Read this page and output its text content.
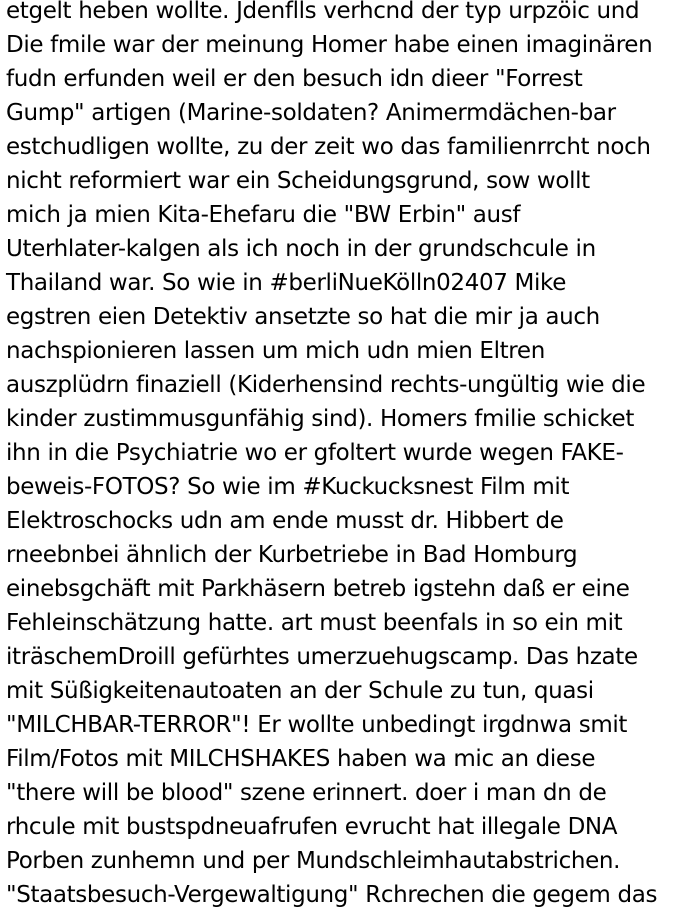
etgelt heben wollte. Jdenflls verhcnd der typ urpzöic und
Die fmile war der meinung Homer habe einen imaginären
fudn erfunden weil er den besuch idn dieer "Forrest
Gump" artigen (Marine-soldaten? Animermdächen-bar
estchudligen wollte, zu der zeit wo das familienrrcht noch
nicht reformiert war ein Scheidungsgrund, sow wollt
mich ja mien Kita-Ehefaru die "BW Erbin" ausf
Uterhlater-kalgen als ich noch in der grundschcule in
Thailand war. So wie in #berliNueKölln02407 Mike
egstren eien Detektiv ansetzte so hat die mir ja auch
nachspionieren lassen um mich udn mien Eltren
auszplüdrn finaziell (Kiderhensind rechts-ungültig wie die
kinder zustimmusgunfähig sind). Homers fmilie schicket
ihn in die Psychiatrie wo er gfoltert wurde wegen FAKE-
beweis-FOTOS? So wie im #Kuckucksnest Film mit
Elektroschocks udn am ende musst dr. Hibbert de
rneebnbei ähnlich der Kurbetriebe in Bad Homburg
einebsgchäft mit Parkhäsern betreb igstehn daß er eine
Fehleinschätzung hatte. art must beenfals in so ein mit
iträschemDroill gefürhtes umerzuehugscamp. Das hzate
mit Süßigkeitenautoaten an der Schule zu tun, quasi
"MILCHBAR-TERROR"! Er wollte unbedingt irgdnwa smit
Film/Fotos mit MILCHSHAKES haben wa mic an diese
"there will be blood" szene erinnert. doer i man dn de
rhcule mit bustspdneuafrufen evrucht hat illegale DNA
Porben zunhemn und per Mundschleimhautabstrichen.
"Staatsbesuch-Vergewaltigung" Rchrechen die gegem das
